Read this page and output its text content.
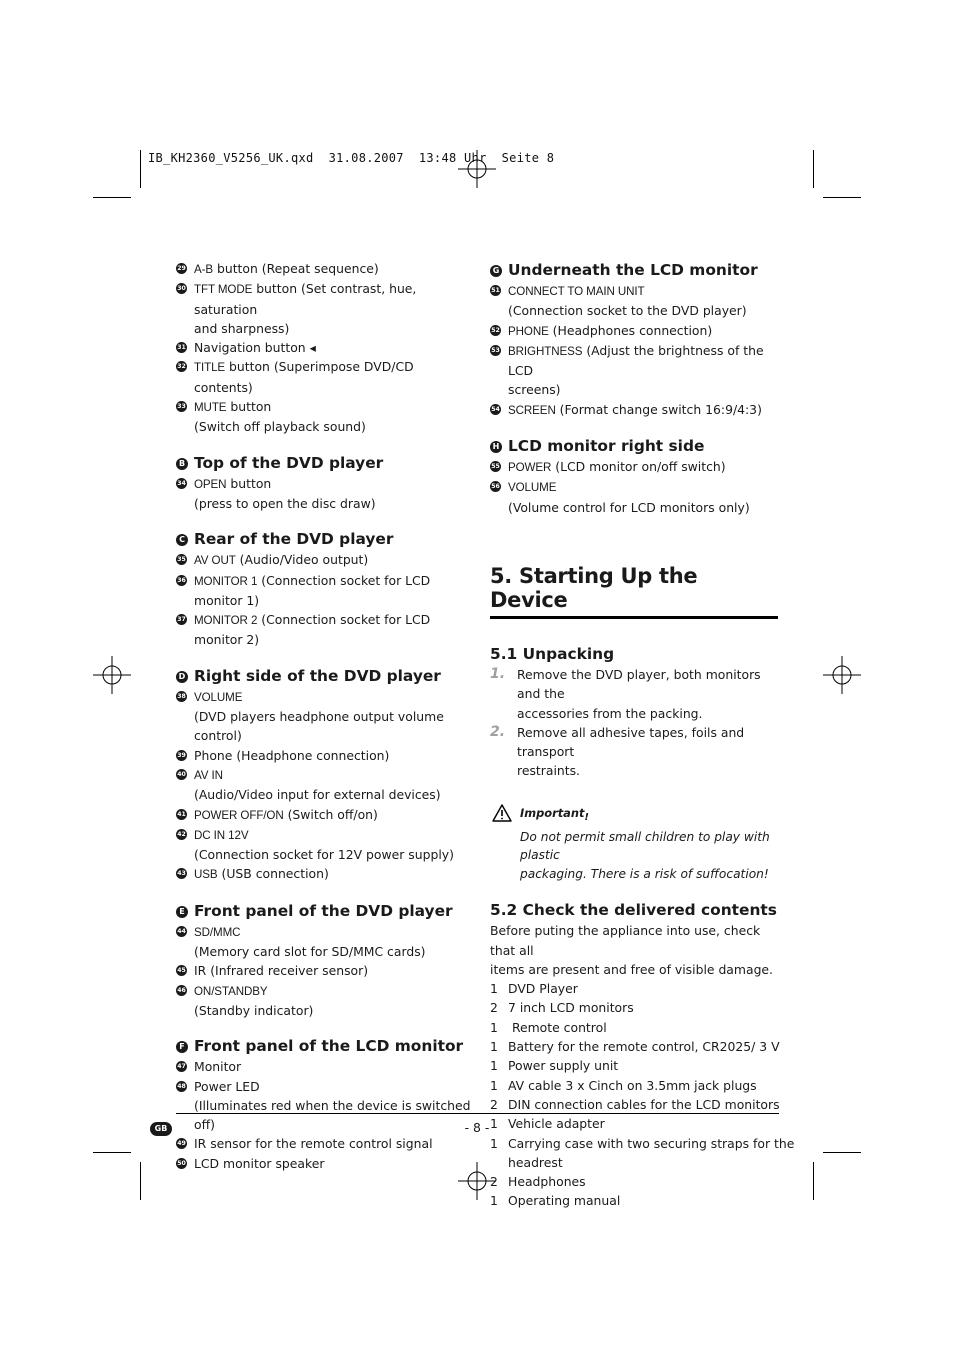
IB_KH2360_V5256_UK.qxd  31.08.2007  13:48 Uhr  Seite 8
29 A-B button (Repeat sequence)
30 TFT MODE button (Set contrast, hue, saturation
and sharpness)
31 Navigation button ◂
32 TITLE button (Superimpose DVD/CD contents)
33 MUTE button
(Switch off playback sound)
B Top of the DVD player
34 OPEN button
(press to open the disc draw)
C Rear of the DVD player
35 AV OUT (Audio/Video output)
36 MONITOR 1 (Connection socket for LCD monitor 1)
37 MONITOR 2 (Connection socket for LCD monitor 2)
D Right side of the DVD player
38 VOLUME
(DVD players headphone output volume control)
39 Phone (Headphone connection)
40 AV IN
(Audio/Video input for external devices)
41 POWER OFF/ON (Switch off/on)
42 DC IN 12V
(Connection socket for 12V power supply)
43 USB (USB connection)
E Front panel of the DVD player
44 SD/MMC
(Memory card slot for SD/MMC cards)
45 IR (Infrared receiver sensor)
46 ON/STANDBY
(Standby indicator)
F Front panel of the LCD monitor
47 Monitor
48 Power LED
(Illuminates red when the device is switched off)
49 IR sensor for the remote control signal
50 LCD monitor speaker
G Underneath the LCD monitor
51 CONNECT TO MAIN UNIT
(Connection socket to the DVD player)
52 PHONE (Headphones connection)
53 BRIGHTNESS (Adjust the brightness of the LCD
screens)
54 SCREEN (Format change switch 16:9/4:3)
H LCD monitor right side
55 POWER (LCD monitor on/off switch)
56 VOLUME
(Volume control for LCD monitors only)
5. Starting Up the Device
5.1 Unpacking
1. Remove the DVD player, both monitors and the
accessories from the packing.
2. Remove all adhesive tapes, foils and transport
restraints.
Important!
Do not permit small children to play with plastic
packaging. There is a risk of suffocation!
5.2 Check the delivered contents

Before puting the appliance into use, check that all
items are present and free of visible damage.

1 DVD Player
2 7 inch LCD monitors
1 Remote control
1 Battery for the remote control, CR2025/ 3 V
1 Power supply unit
1 AV cable 3 x Cinch on 3.5mm jack plugs
2 DIN connection cables for the LCD monitors
1 Vehicle adapter
1 Carrying case with two securing straps for the
headrest
2 Headphones
1 Operating manual
GB	- 8 -
